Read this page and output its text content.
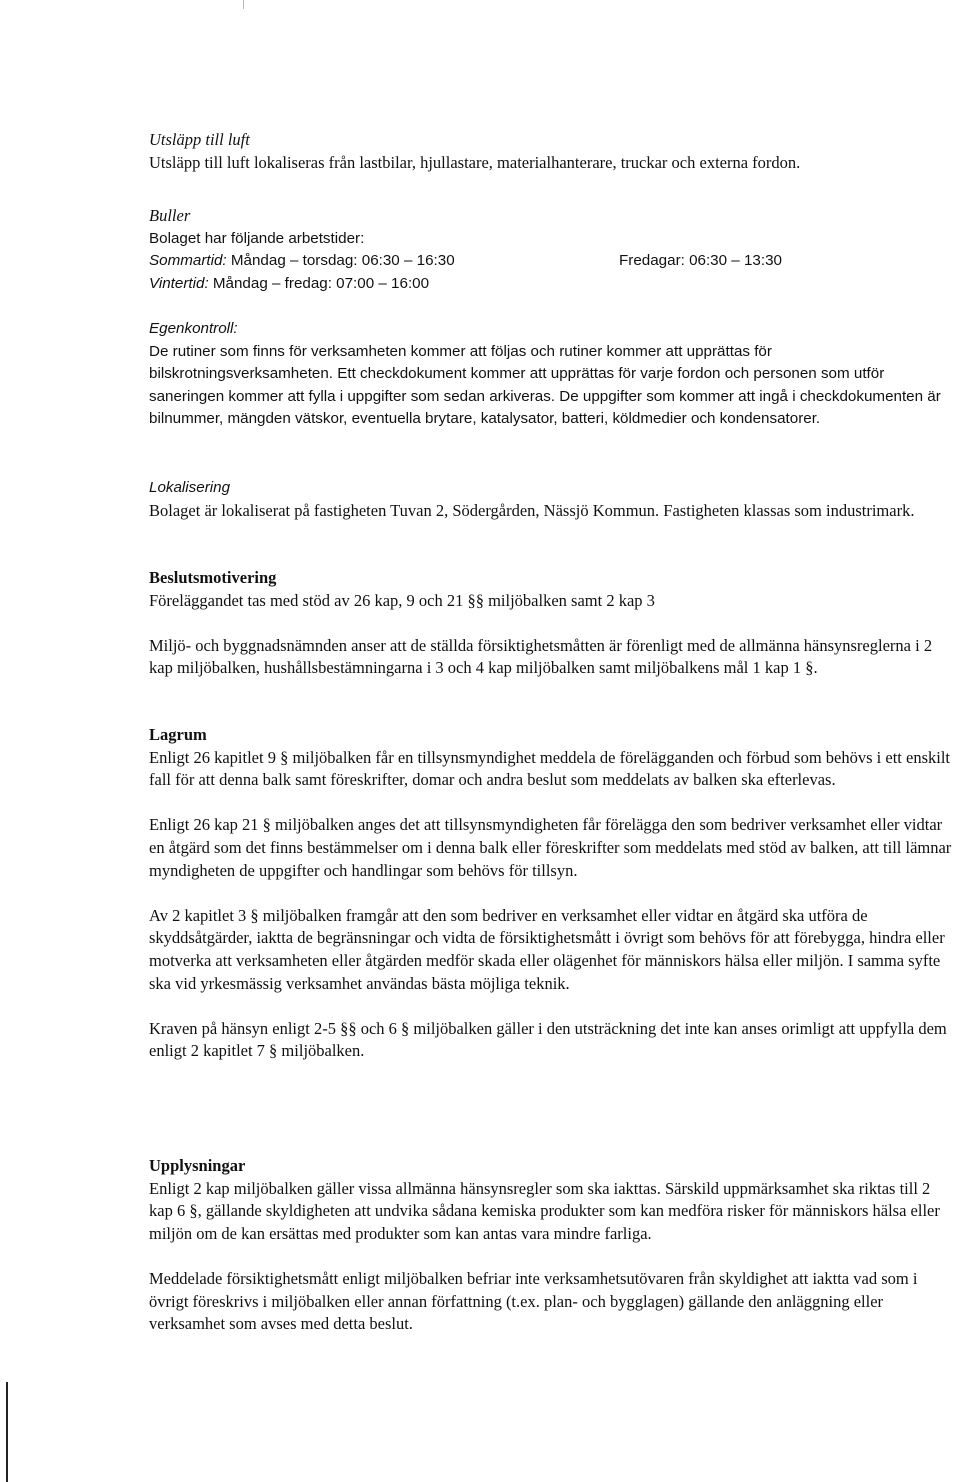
Utsläpp till luft

Utsläpp till luft lokaliseras från lastbilar, hjullastare, materialhanterare, truckar och externa fordon.

Buller

Bolaget har följande arbetstider:

Sommartid: Måndag – torsdag: 06:30 – 16:30	Fredagar: 06:30 – 13:30
Vintertid: Måndag – fredag: 07:00 – 16:00

Egenkontroll:

De rutiner som finns för verksamheten kommer att följas och rutiner kommer att upprättas för bilskrotningsverksamheten. Ett checkdokument kommer att upprättas för varje fordon och personen som utför saneringen kommer att fylla i uppgifter som sedan arkiveras. De uppgifter som kommer att ingå i checkdokumenten är bilnummer, mängden vätskor, eventuella brytare, katalysator, batteri, köldmedier och kondensatorer.

Lokalisering

Bolaget är lokaliserat på fastigheten Tuvan 2, Södergården, Nässjö Kommun. Fastigheten klassas som industrimark.

Beslutsmotivering

Föreläggandet tas med stöd av 26 kap, 9 och 21 §§ miljöbalken samt 2 kap 3

Miljö- och byggnadsnämnden anser att de ställda försiktighetsmåtten är förenligt med de allmänna hänsynsreglerna i 2 kap miljöbalken, hushållsbestämningarna i 3 och 4 kap miljöbalken samt miljöbalkens mål 1 kap 1 §.

Lagrum

Enligt 26 kapitlet 9 § miljöbalken får en tillsynsmyndighet meddela de förelägganden och förbud som behövs i ett enskilt fall för att denna balk samt föreskrifter, domar och andra beslut som meddelats av balken ska efterlevas.

Enligt 26 kap 21 § miljöbalken anges det att tillsynsmyndigheten får förelägga den som bedriver verksamhet eller vidtar en åtgärd som det finns bestämmelser om i denna balk eller föreskrifter som meddelats med stöd av balken, att till lämnar myndigheten de uppgifter och handlingar som behövs för tillsyn.

Av 2 kapitlet 3 § miljöbalken framgår att den som bedriver en verksamhet eller vidtar en åtgärd ska utföra de skyddsåtgärder, iaktta de begränsningar och vidta de försiktighetsmått i övrigt som behövs för att förebygga, hindra eller motverka att verksamheten eller åtgärden medför skada eller olägenhet för människors hälsa eller miljön. I samma syfte ska vid yrkesmässig verksamhet användas bästa möjliga teknik.

Kraven på hänsyn enligt 2-5 §§ och 6 § miljöbalken gäller i den utsträckning det inte kan anses orimligt att uppfylla dem enligt 2 kapitlet 7 § miljöbalken.

Upplysningar

Enligt 2 kap miljöbalken gäller vissa allmänna hänsynsregler som ska iakttas. Särskild uppmärksamhet ska riktas till 2 kap 6 §, gällande skyldigheten att undvika sådana kemiska produkter som kan medföra risker för människors hälsa eller miljön om de kan ersättas med produkter som kan antas vara mindre farliga.

Meddelade försiktighetsmått enligt miljöbalken befriar inte verksamhetsutövaren från skyldighet att iaktta vad som i övrigt föreskrivs i miljöbalken eller annan författning (t.ex. plan- och bygglagen) gällande den anläggning eller verksamhet som avses med detta beslut.
